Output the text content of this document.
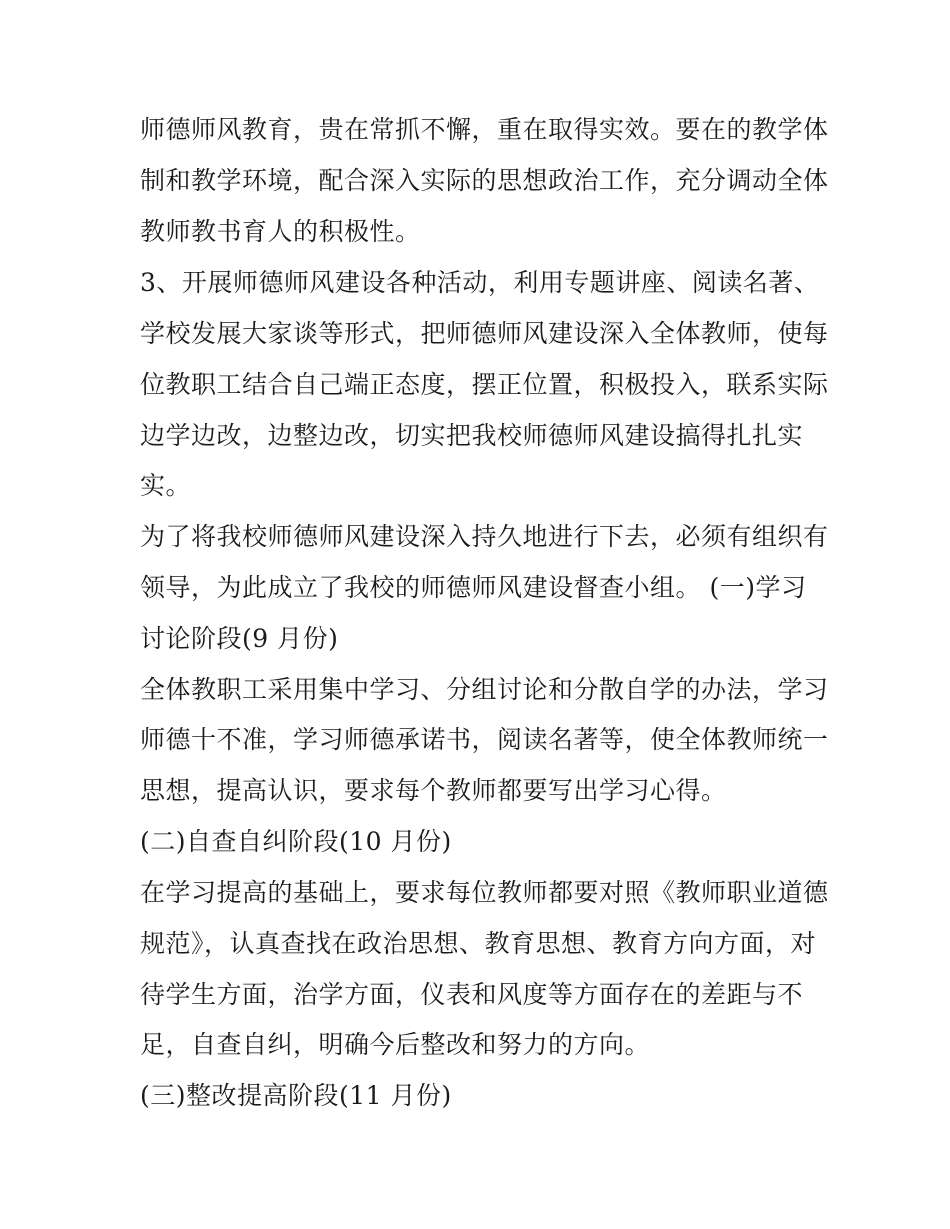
师德师风教育，贵在常抓不懈，重在取得实效。要在的教学体
制和教学环境，配合深入实际的思想政治工作，充分调动全体
教师教书育人的积极性。
3、开展师德师风建设各种活动，利用专题讲座、阅读名著、
学校发展大家谈等形式，把师德师风建设深入全体教师，使每
位教职工结合自己端正态度，摆正位置，积极投入，联系实际
边学边改，边整边改，切实把我校师德师风建设搞得扎扎实
实。
为了将我校师德师风建设深入持久地进行下去，必须有组织有
领导，为此成立了我校的师德师风建设督查小组。 (一)学习
讨论阶段(9 月份)
全体教职工采用集中学习、分组讨论和分散自学的办法，学习
师德十不准，学习师德承诺书，阅读名著等，使全体教师统一
思想，提高认识，要求每个教师都要写出学习心得。
(二)自查自纠阶段(10 月份)
在学习提高的基础上，要求每位教师都要对照《教师职业道德
规范》，认真查找在政治思想、教育思想、教育方向方面，对
待学生方面，治学方面，仪表和风度等方面存在的差距与不
足，自查自纠，明确今后整改和努力的方向。
(三)整改提高阶段(11 月份)
